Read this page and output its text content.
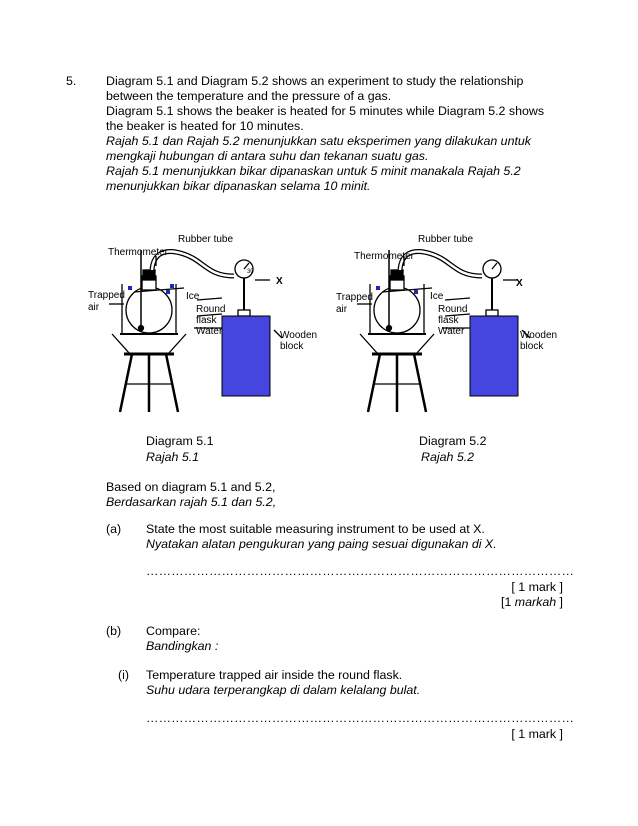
5. Diagram 5.1 and Diagram 5.2 shows an experiment to study the relationship
between the temperature and the pressure of a gas.
Diagram 5.1 shows the beaker is heated for 5 minutes while Diagram 5.2 shows
the beaker is heated for 10 minutes.
Rajah 5.1 dan Rajah 5.2 menunjukkan satu eksperimen yang dilakukan untuk
mengkaji hubungan di antara suhu dan tekanan suatu gas.
Rajah 5.1 menunjukkan bikar dipanaskan untuk 5 minit manakala Rajah 5.2
menunjukkan bikar dipanaskan selama 10 minit.
Thermometer
Rubber tube
Trapped
air
Ice
Round
flask
Water	Wooden
block
X
30
Thermometer
Rubber tube
Trapped
air
Ice
Round
flask
Water	Wooden
block
X
Diagram 5.1
Rajah 5.1
Diagram 5.2
Rajah 5.2
Based on diagram 5.1 and 5.2,
Berdasarkan rajah 5.1 dan 5.2,
(a) State the most suitable measuring instrument to be used at X.
Nyatakan alatan pengukuran yang paing sesuai digunakan di X.
…………………………………………………………………………………………
[ 1 mark ]
[1 markah ]
(b) Compare:
Bandingkan :
(i) Temperature trapped air inside the round flask.
Suhu udara terperangkap di dalam kelalang bulat.
…………………………………………………………………………………………
[ 1 mark ]
